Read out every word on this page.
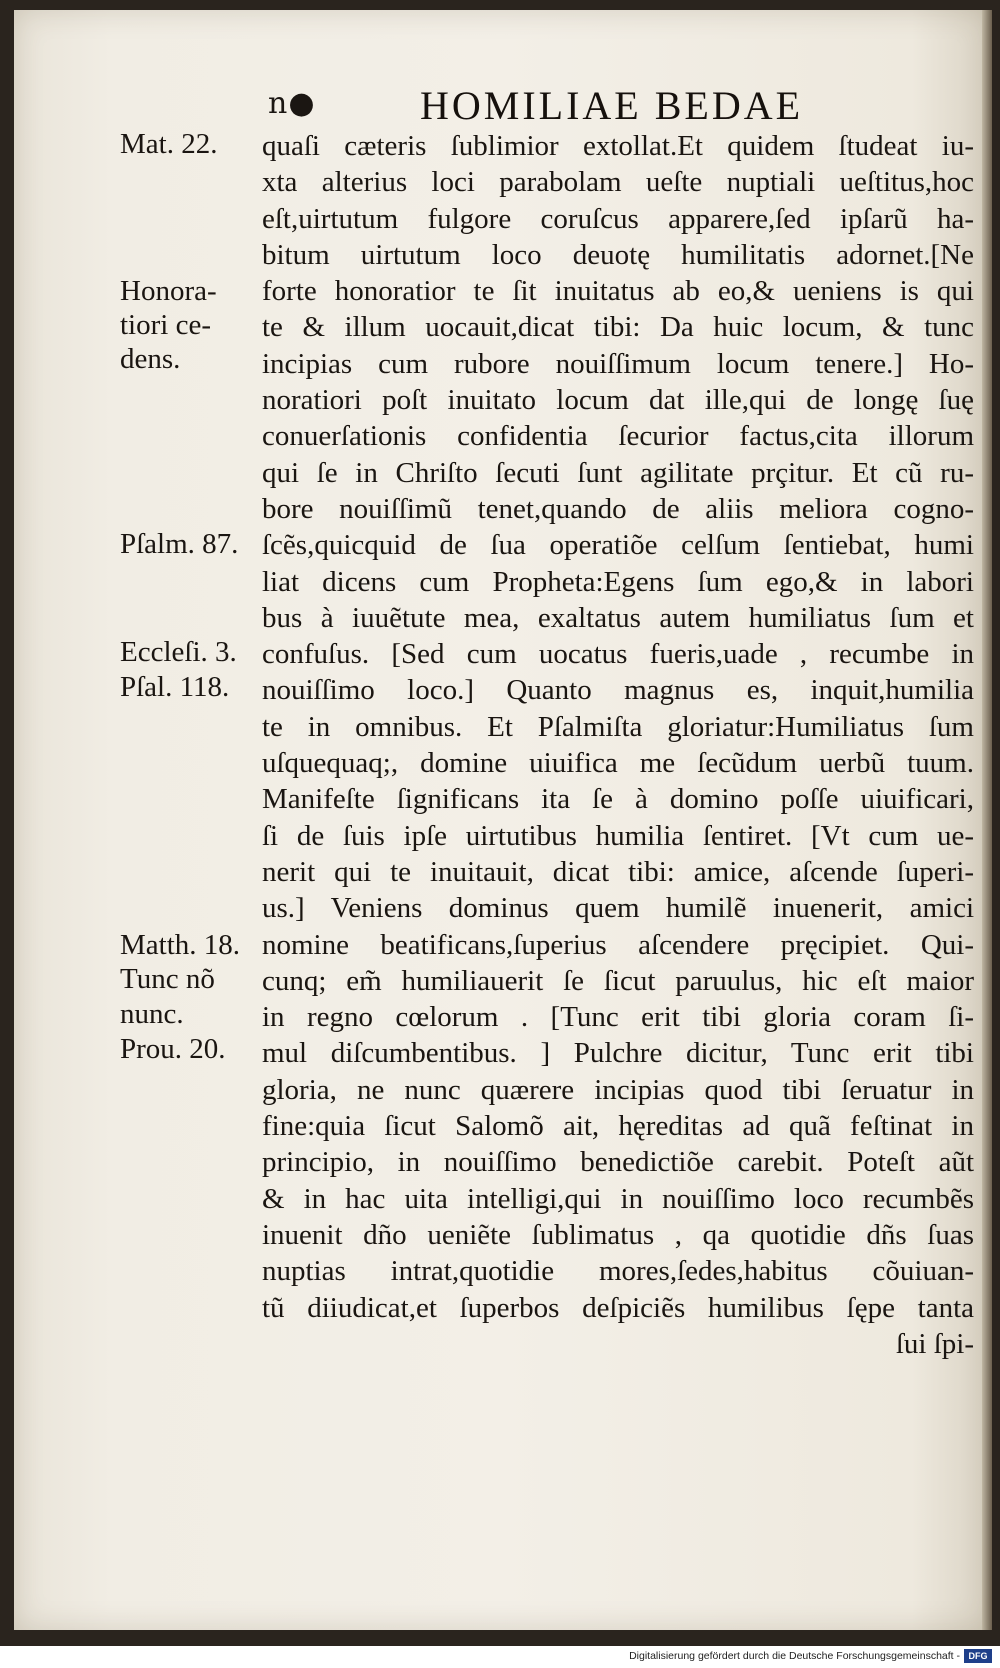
n●	HOMILIAE BEDAE
Mat. 22.
Honora-
tiori ce-
dens.
Pſalm. 87.
Eccleſi. 3.
Pſal. 118.
Matth. 18.
Tunc nõ
nunc.
Prou. 20.
quaſi cæteris ſublimior extollat.Et quidem ſtudeat iu-
xta alterius loci parabolam ueſte nuptiali ueſtitus,hoc
eſt,uirtutum fulgore coruſcus apparere,ſed ipſarũ ha-
bitum uirtutum loco deuotę humilitatis adornet.[Ne
forte honoratior te ſit inuitatus ab eo,& ueniens is qui
te & illum uocauit,dicat tibi: Da huic locum, & tunc
incipias cum rubore nouiſſimum locum tenere.] Ho-
noratiori poſt inuitato locum dat ille,qui de longę ſuę
conuerſationis confidentia ſecurior factus,cita illorum
qui ſe in Chriſto ſecuti ſunt agilitate prçitur. Et cũ ru-
bore nouiſſimũ tenet,quando de aliis meliora cogno-
ſcẽs,quicquid de ſua operatiõe celſum ſentiebat, humi
liat dicens cum Propheta:Egens ſum ego,& in labori
bus à iuuẽtute mea, exaltatus autem humiliatus ſum et
confuſus. [Sed cum uocatus fueris,uade , recumbe in
nouiſſimo loco.] Quanto magnus es, inquit,humilia
te in omnibus. Et Pſalmiſta gloriatur:Humiliatus ſum
uſquequaq;, domine uiuifica me ſecũdum uerbũ tuum.
Manifeſte ſignificans ita ſe à domino poſſe uiuificari,
ſi de ſuis ipſe uirtutibus humilia ſentiret. [Vt cum ue-
nerit qui te inuitauit, dicat tibi: amice, aſcende ſuperi-
us.] Veniens dominus quem humilẽ inuenerit, amici
nomine beatificans,ſuperius aſcendere pręcipiet. Qui-
cunq; em̃ humiliauerit ſe ſicut paruulus, hic eſt maior
in regno cœlorum . [Tunc erit tibi gloria coram ſi-
mul diſcumbentibus. ] Pulchre dicitur, Tunc erit tibi
gloria, ne nunc quærere incipias quod tibi ſeruatur in
fine:quia ſicut Salomõ ait, hęreditas ad quã feſtinat in
principio, in nouiſſimo benedictiõe carebit. Poteſt aũt
& in hac uita intelligi,qui in nouiſſimo loco recumbẽs
inuenit dño ueniẽte ſublimatus , qa quotidie dñs ſuas
nuptias intrat,quotidie mores,ſedes,habitus cõuiuan-
tũ diiudicat,et ſuperbos deſpiciẽs humilibus ſępe tanta
ſui ſpi-
Digitalisierung gefördert durch die Deutsche Forschungsgemeinschaft - DFG
